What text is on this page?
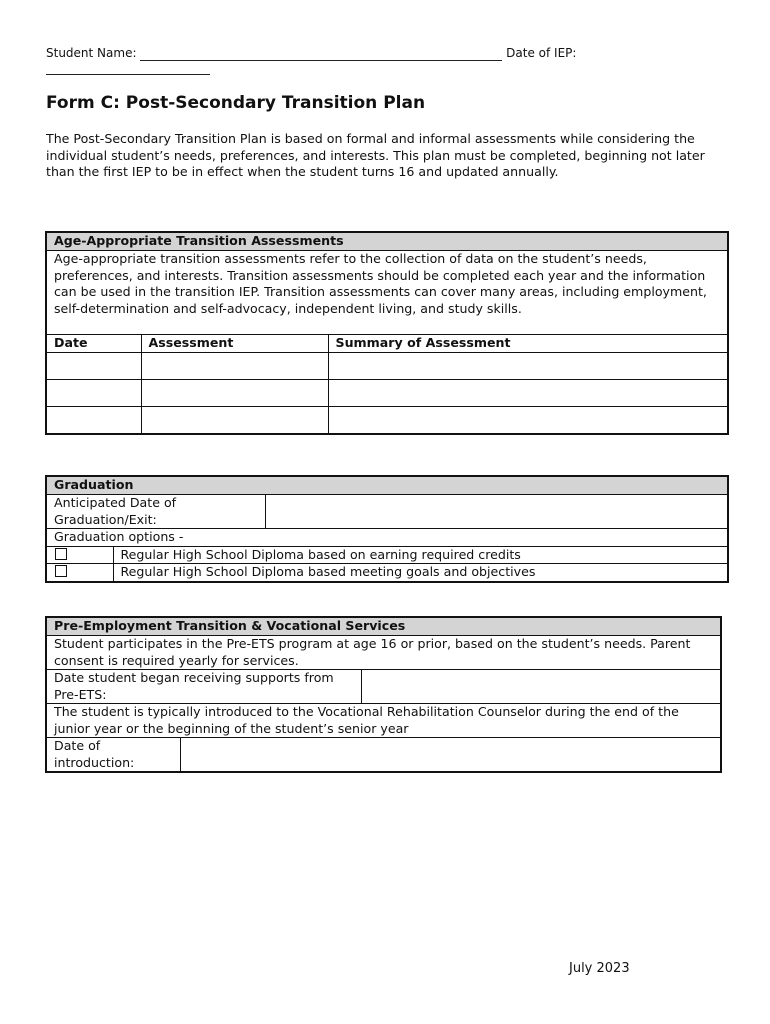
Student Name:	Date of IEP:
Form C: Post-Secondary Transition Plan

The Post-Secondary Transition Plan is based on formal and informal assessments while considering the individual student’s needs, preferences, and interests. This plan must be completed, beginning not later than the first IEP to be in effect when the student turns 16 and updated annually.

Age-Appropriate Transition Assessments		
Age-appropriate transition assessments refer to the collection of data on the student’s needs, preferences, and interests. Transition assessments should be completed each year and the information can be used in the transition IEP. Transition assessments can cover many areas, including employment, self-determination and self-advocacy, independent living, and study skills.		
Date	Assessment	Summary of Assessment

Graduation		
Anticipated Date of Graduation/Exit:		
Graduation options -		
	Regular High School Diploma based on earning required credits	
	Regular High School Diploma based meeting goals and objectives	
Pre-Employment Transition & Vocational Services		
Student participates in the Pre-ETS program at age 16 or prior, based on the student’s needs. Parent consent is required yearly for services.		
Date student began receiving supports from Pre-ETS:		
The student is typically introduced to the Vocational Rehabilitation Counselor during the end of the junior year or the beginning of the student’s senior year		
Date of introduction:		
July 2023
